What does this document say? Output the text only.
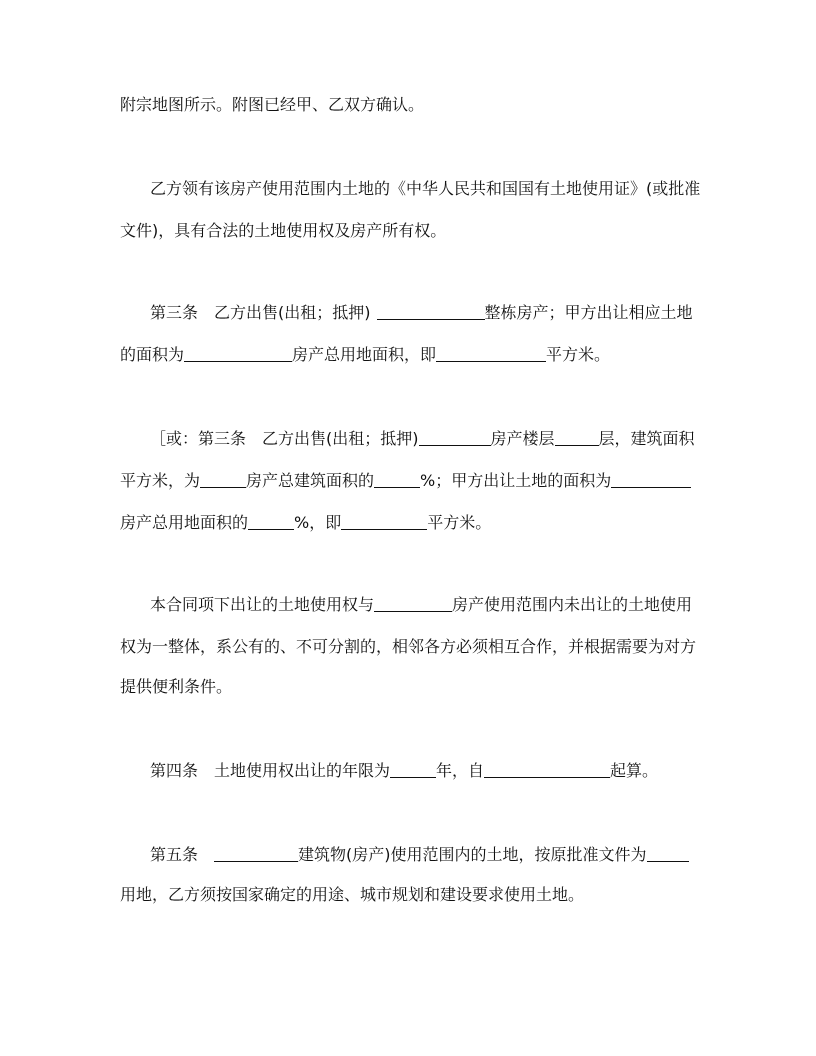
附宗地图所示。附图已经甲、乙双方确认。
乙方领有该房产使用范围内土地的《中华人民共和国国有土地使用证》(或批准
文件)，具有合法的土地使用权及房产所有权。
第三条　乙方出售(出租；抵押)	整栋房产；甲方出让相应土地
的面积为	房产总用地面积，即	平方米。
［或：第三条　乙方出售(出租；抵押)	房产楼层	层，建筑面积
平方米，为	房产总建筑面积的	%；甲方出让土地的面积为
房产总用地面积的	%，即	平方米。
本合同项下出让的土地使用权与	房产使用范围内未出让的土地使用
权为一整体，系公有的、不可分割的，相邻各方必须相互合作，并根据需要为对方
提供便利条件。
第四条　土地使用权出让的年限为	年，自	起算。
第五条	建筑物(房产)使用范围内的土地，按原批准文件为
用地，乙方须按国家确定的用途、城市规划和建设要求使用土地。
